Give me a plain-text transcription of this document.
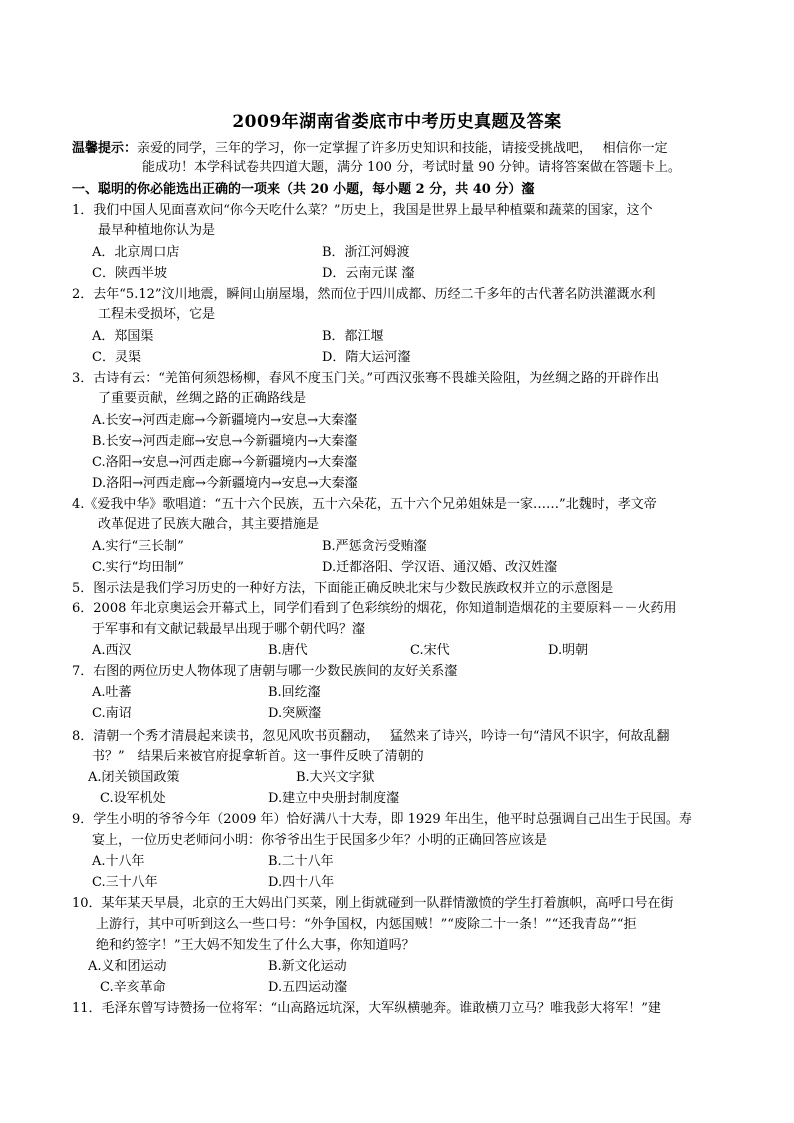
2009年湖南省娄底市中考历史真题及答案
温馨提示：亲爱的同学，三年的学习，你一定掌握了许多历史知识和技能，请接受挑战吧，　 相信你一定
能成功！本学科试卷共四道大题，满分 100 分，考试时量 90 分钟。请将答案做在答题卡上。
一、聪明的你必能选出正确的一项来（共 20 小题，每小题 2 分，共 40 分）瀣
1．我们中国人见面喜欢问“你今天吃什么菜？”历史上，我国是世界上最早种植粟和蔬菜的国家，这个
最早种植地你认为是
A．北京周口店	B．浙江河姆渡
C．陕西半坡	D．云南元谋 瀣
2．去年“5.12”汶川地震，瞬间山崩屋塌，然而位于四川成都、历经二千多年的古代著名防洪灌溉水利
工程未受损坏，它是
A．郑国渠	B．都江堰
C．灵渠	D．隋大运河瀣
3．古诗有云：“羌笛何须怨杨柳，春风不度玉门关。”可西汉张骞不畏雄关险阻，为丝绸之路的开辟作出
了重要贡献，丝绸之路的正确路线是
A.长安→河西走廊→今新疆境内→安息→大秦瀣
B.长安→河西走廊→安息→今新疆境内→大秦瀣
C.洛阳→安息→河西走廊→今新疆境内→大秦瀣
D.洛阳→河西走廊→今新疆境内→安息→大秦瀣
4.《爱我中华》歌唱道：“五十六个民族，五十六朵花，五十六个兄弟姐妹是一家……”北魏时，孝文帝
改革促进了民族大融合，其主要措施是
A.实行“三长制”	B.严惩贪污受贿瀣
C.实行“均田制”	D.迁都洛阳、学汉语、通汉婚、改汉姓瀣
5．图示法是我们学习历史的一种好方法，下面能正确反映北宋与少数民族政权并立的示意图是
6．2008 年北京奥运会开幕式上，同学们看到了色彩缤纷的烟花，你知道制造烟花的主要原料－－火药用
于军事和有文献记载最早出现于哪个朝代吗？瀣
A.西汉	B.唐代	C.宋代	D.明朝
7．右图的两位历史人物体现了唐朝与哪一少数民族间的友好关系瀣
A.吐蕃	B.回纥瀣
C.南诏	D.突厥瀣
8．清朝一个秀才清晨起来读书，忽见风吹书页翻动，　 猛然来了诗兴，吟诗一句“清风不识字，何故乱翻
书？”　结果后来被官府捉拿斩首。这一事件反映了清朝的
A.闭关锁国政策	B.大兴文字狱
C.设军机处	D.建立中央册封制度瀣
9．学生小明的爷爷今年（2009 年）恰好满八十大寿，即 1929 年出生，他平时总强调自己出生于民国。寿
宴上，一位历史老师问小明：你爷爷出生于民国多少年？小明的正确回答应该是
A.十八年	B.二十八年
C.三十八年	D.四十八年
10．某年某天早晨，北京的王大妈出门买菜，刚上街就碰到一队群情激愤的学生打着旗帜，高呼口号在街
上游行，其中可听到这么一些口号：“外争国权，内惩国贼！”“废除二十一条！”“还我青岛”“拒
绝和约签字！”王大妈不知发生了什么大事，你知道吗？
A.义和团运动	B.新文化运动
C.辛亥革命	D.五四运动瀣
11．毛泽东曾写诗赞扬一位将军：“山高路远坑深，大军纵横驰奔。谁敢横刀立马？唯我彭大将军！”建
